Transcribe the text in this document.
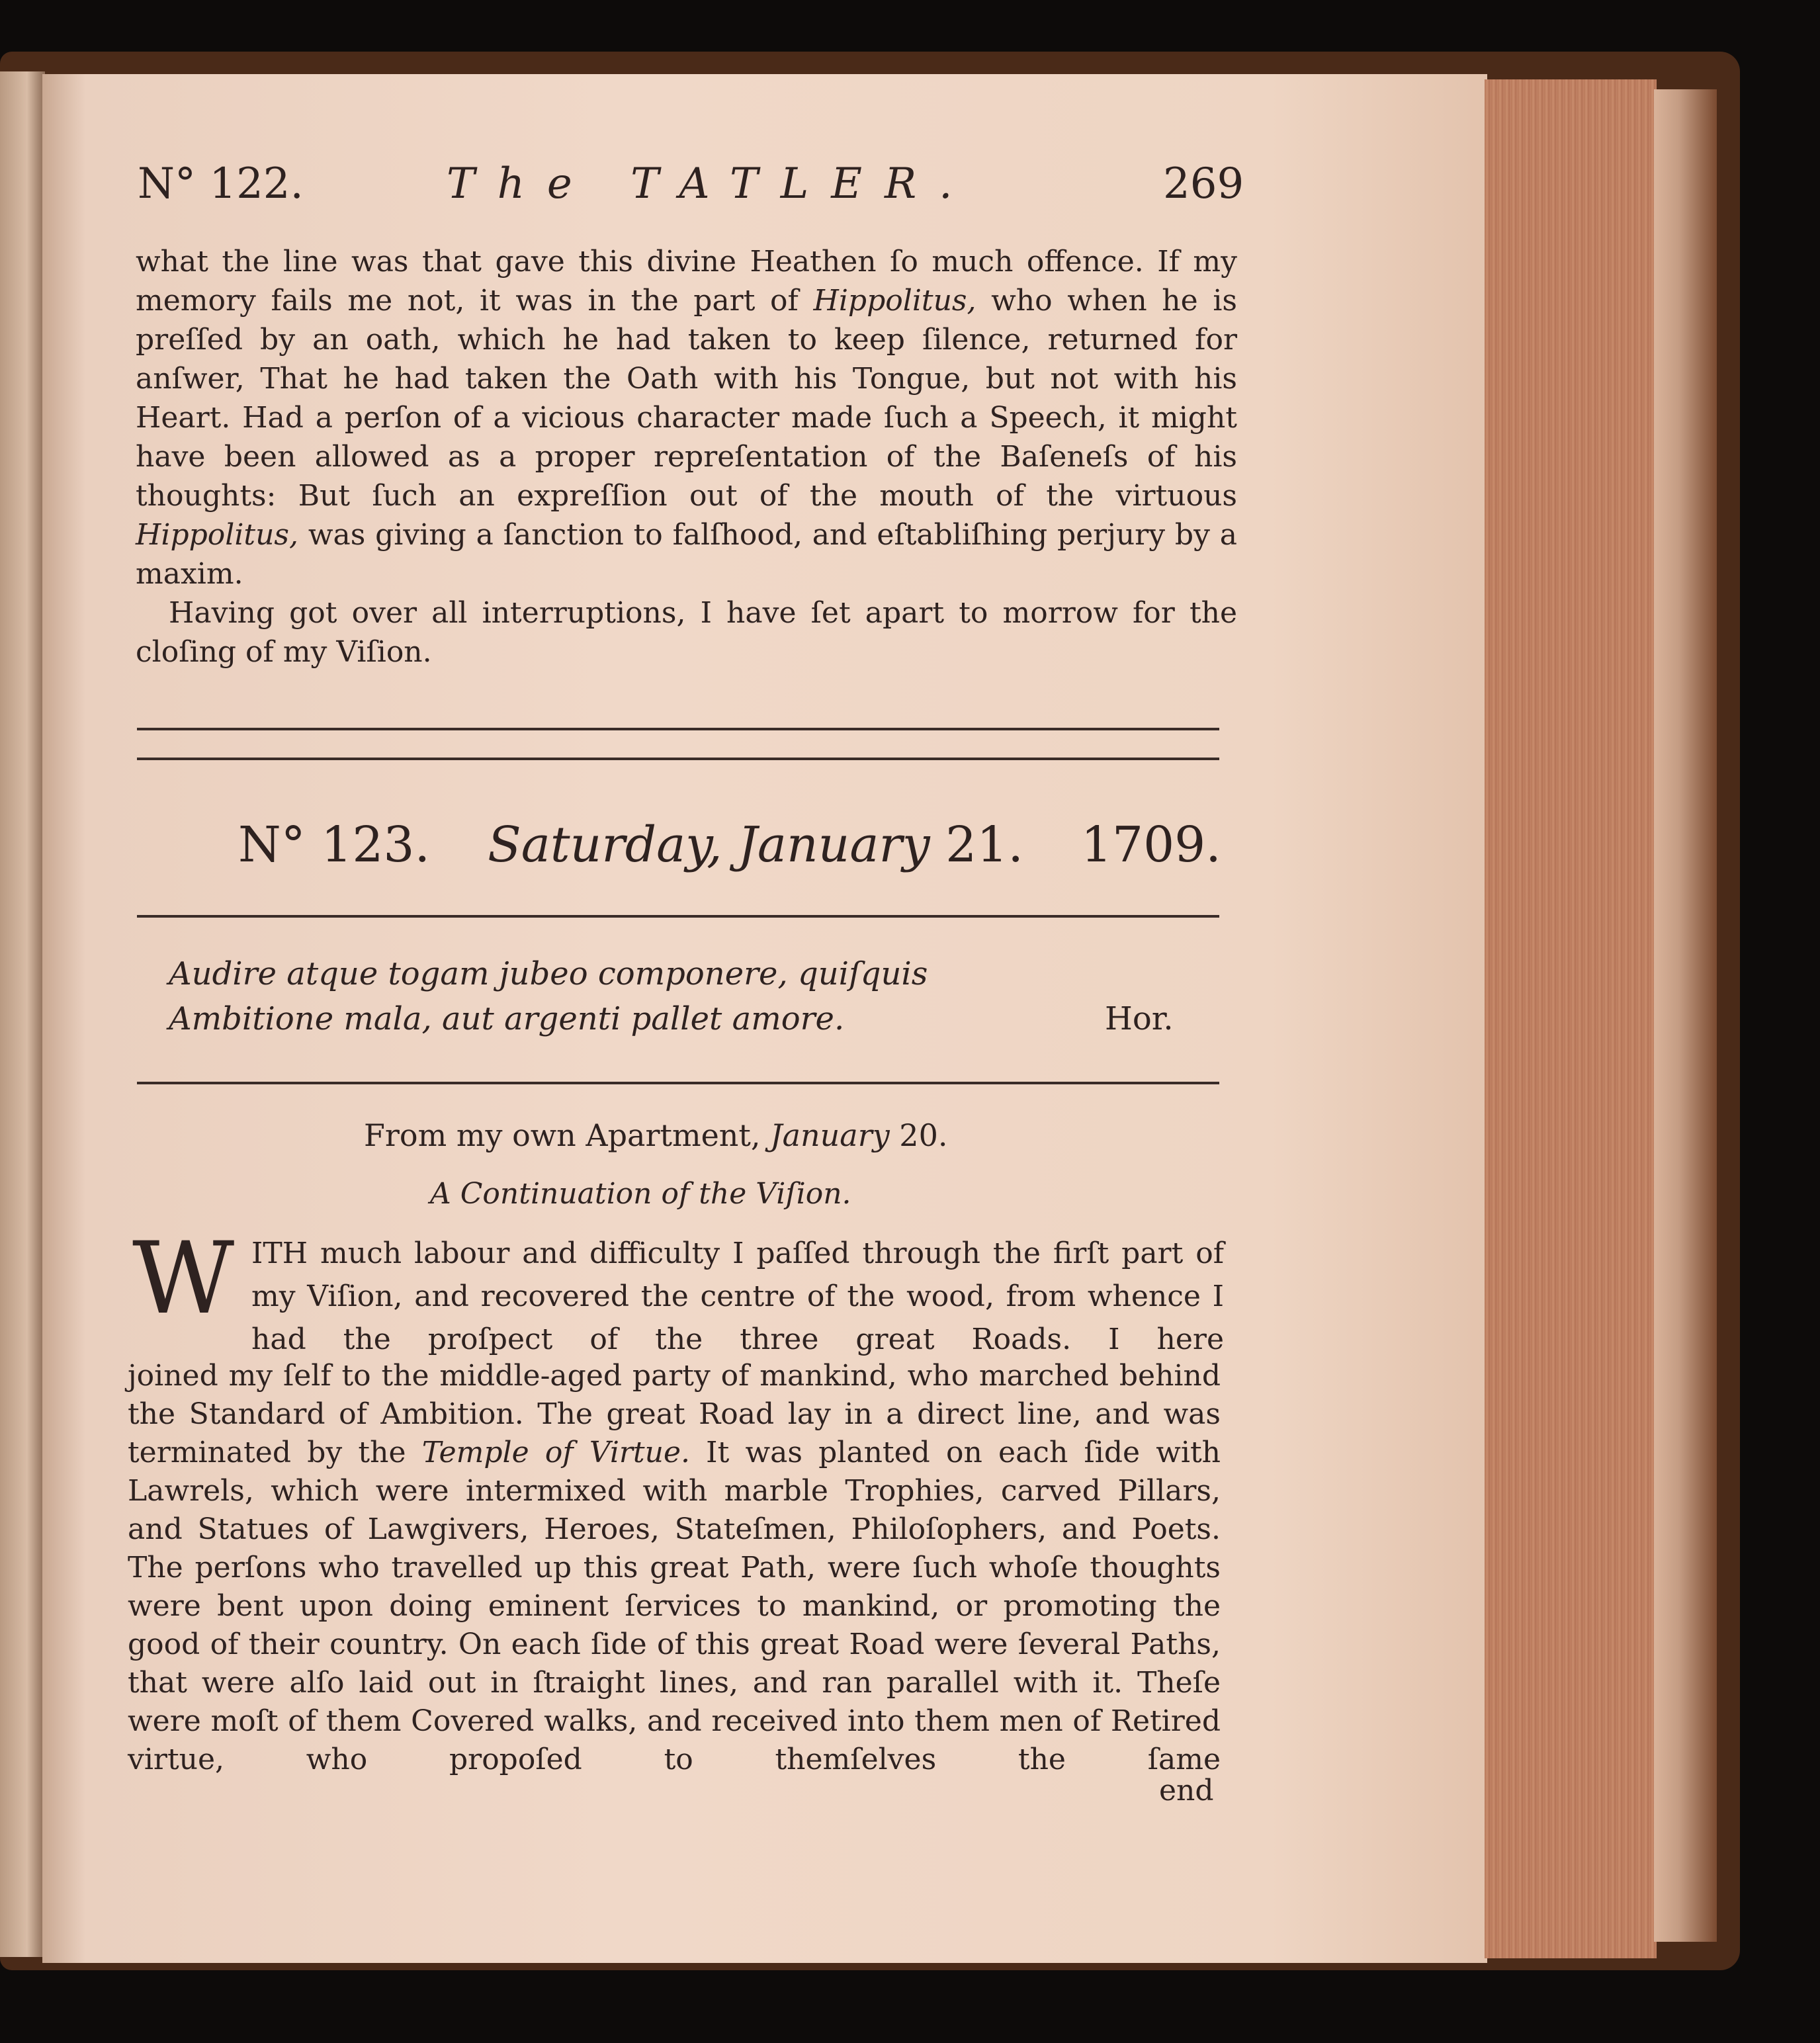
N° 122.	The TATLER.	269

what the line was that gave this divine Heathen ſo much offence. If my memory fails me not, it was in the part of Hippolitus, who when he is preſſed by an oath, which he had taken to keep ſilence, returned for anſwer, That he had taken the Oath with his Tongue, but not with his Heart. Had a perſon of a vicious character made ſuch a Speech, it might have been allowed as a proper repreſentation of the Baſeneſs of his thoughts: But ſuch an expreſſion out of the mouth of the virtuous Hippolitus, was giving a ſanction to falſhood, and eſtabliſhing perjury by a maxim.

Having got over all interruptions, I have ſet apart to morrow for the cloſing of my Viſion.

N° 123. Saturday, January 21. 1709.
Audire atque togam jubeo componere, quiſquis
Ambitione mala, aut argenti pallet amore.	Hor.
From my own Apartment, January 20.
A Continuation of the Viſion.
W ITH much labour and difficulty I paſſed through the firſt part of my Viſion, and recovered the centre of the wood, from whence I had the proſpect of the three great Roads. I here
joined my ſelf to the middle-aged party of mankind, who marched behind the Standard of Ambition. The great Road lay in a direct line, and was terminated by the Temple of Virtue. It was planted on each ſide with Lawrels, which were intermixed with marble Trophies, carved Pillars, and Statues of Lawgivers, Heroes, Stateſmen, Philoſophers, and Poets. The perſons who travelled up this great Path, were ſuch whoſe thoughts were bent upon doing eminent ſervices to mankind, or promoting the good of their country. On each ſide of this great Road were ſeveral Paths, that were alſo laid out in ſtraight lines, and ran parallel with it. Theſe were moſt of them Covered walks, and received into them men of Retired virtue, who propoſed to themſelves the ſame
end
